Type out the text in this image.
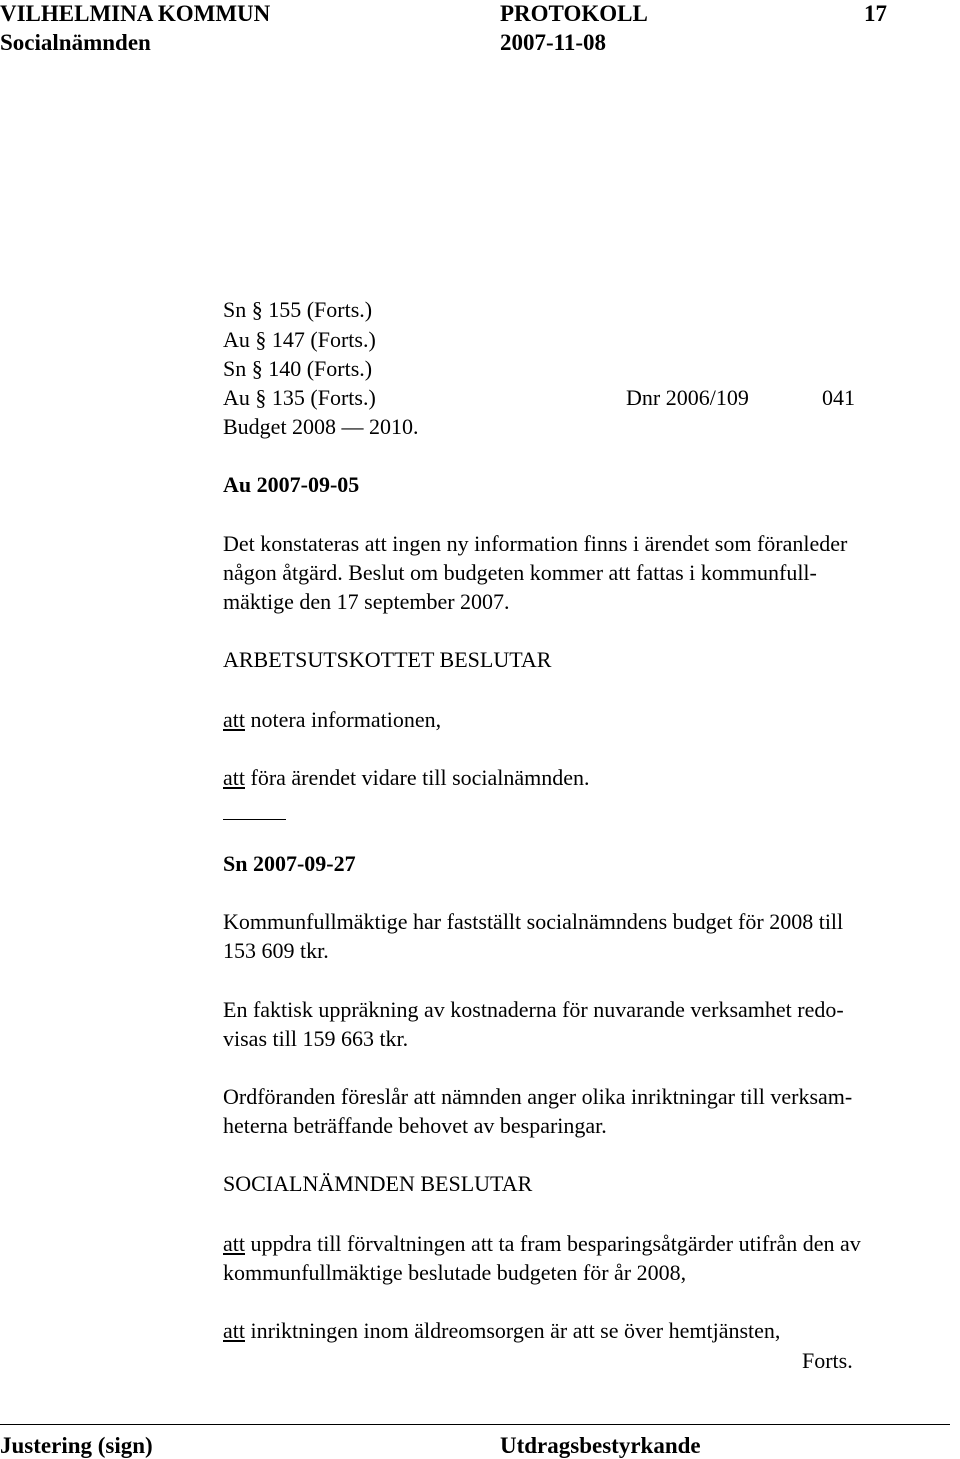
VILHELMINA KOMMUN	PROTOKOLL	17
Socialnämnden	2007-11-08
Sn § 155 (Forts.)
Au § 147 (Forts.)
Sn § 140 (Forts.)
Au § 135 (Forts.)	Dnr 2006/109	041
Budget 2008 — 2010.
Au 2007-09-05
Det konstateras att ingen ny information finns i ärendet som föranleder
någon åtgärd. Beslut om budgeten kommer att fattas i kommunfull-
mäktige den 17 september 2007.
ARBETSUTSKOTTET BESLUTAR
att notera informationen,
att föra ärendet vidare till socialnämnden.
Sn 2007-09-27
Kommunfullmäktige har fastställt socialnämndens budget för 2008 till
153 609 tkr.
En faktisk uppräkning av kostnaderna för nuvarande verksamhet redo-
visas till 159 663 tkr.
Ordföranden föreslår att nämnden anger olika inriktningar till verksam-
heterna beträffande behovet av besparingar.
SOCIALNÄMNDEN BESLUTAR
att uppdra till förvaltningen att ta fram besparingsåtgärder utifrån den av
kommunfullmäktige beslutade budgeten för år 2008,
att inriktningen inom äldreomsorgen är att se över hemtjänsten,
Forts.
Justering (sign)	Utdragsbestyrkande
